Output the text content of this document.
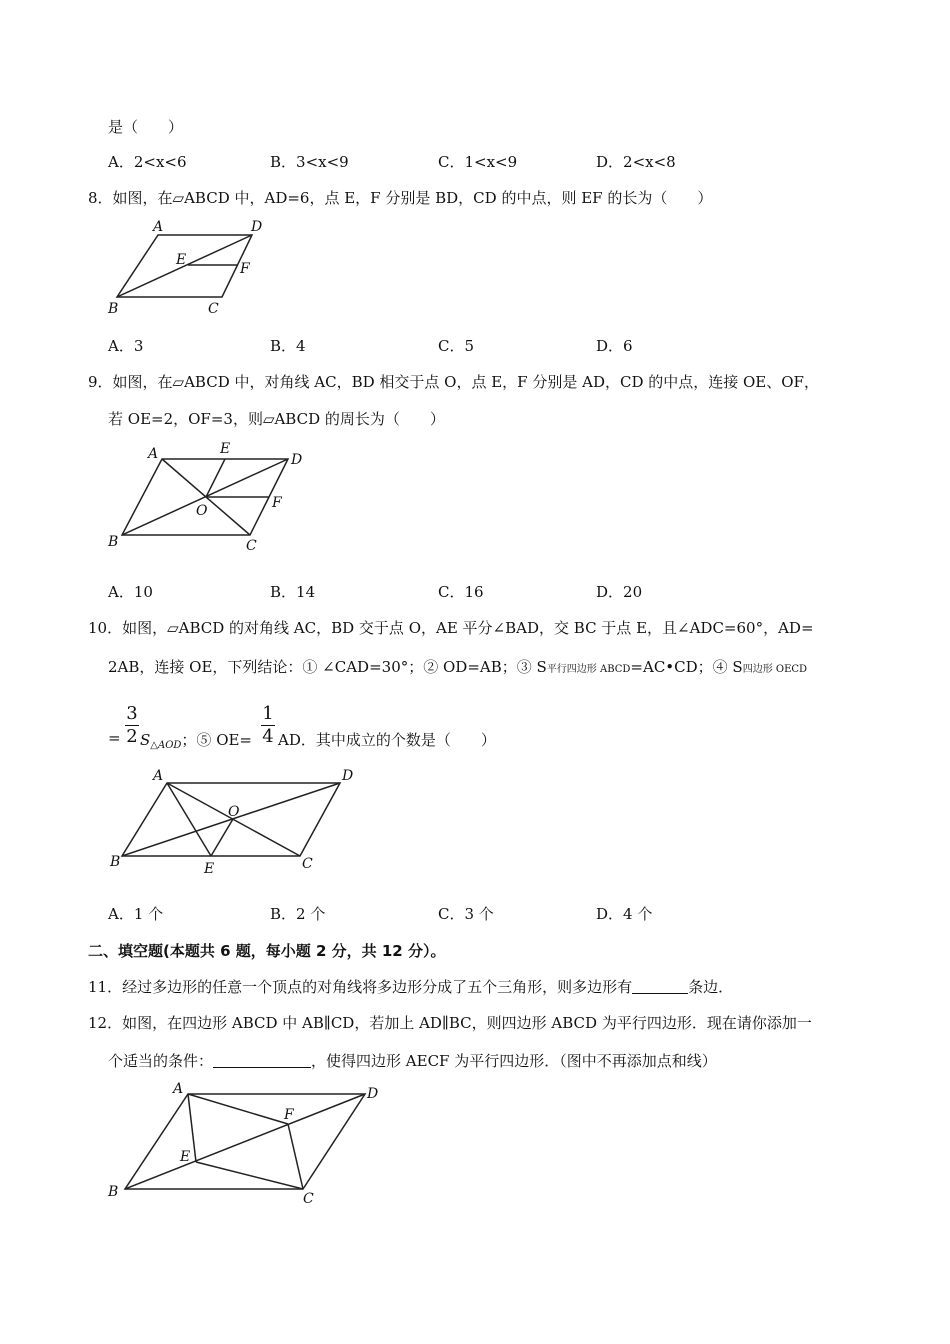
是（　　）
A．2<x<6	B．3<x<9	C．1<x<9	D．2<x<8
8．如图，在▱ABCD 中，AD=6，点 E，F 分别是 BD，CD 的中点，则 EF 的长为（　　）
A	D
E
F
B	C
A．3	B．4	C．5	D．6
9．如图，在▱ABCD 中，对角线 AC，BD 相交于点 O，点 E，F 分别是 AD，CD 的中点，连接 OE、OF，
若 OE=2，OF=3，则▱ABCD 的周长为（　　）
A	E
D
F
O
B	C
A．10	B．14	C．16	D．20
10．如图，▱ABCD 的对角线 AC，BD 交于点 O，AE 平分∠BAD，交 BC 于点 E，且∠ADC=60°，AD=
2AB，连接 OE，下列结论：① ∠CAD=30°；② OD=AB；③ S平行四边形 ABCD=AC•CD；④ S四边形 OECD
3
2
= $S_{\triangle AOD}$；⑤ OE=
1
4 AD．其中成立的个数是（　　）
A	D
O
B	E	C
A．1 个	B．2 个	C．3 个	D．4 个
二、填空题(本题共 6 题，每小题 2 分，共 12 分）。
11．经过多边形的任意一个顶点的对角线将多边形分成了五个三角形，则多边形有	条边．
12．如图，在四边形 ABCD 中 AB∥CD，若加上 AD∥BC，则四边形 ABCD 为平行四边形．现在请你添加一
个适当的条件：	，使得四边形 AECF 为平行四边形．（图中不再添加点和线）
A	D
F
E
B	C
